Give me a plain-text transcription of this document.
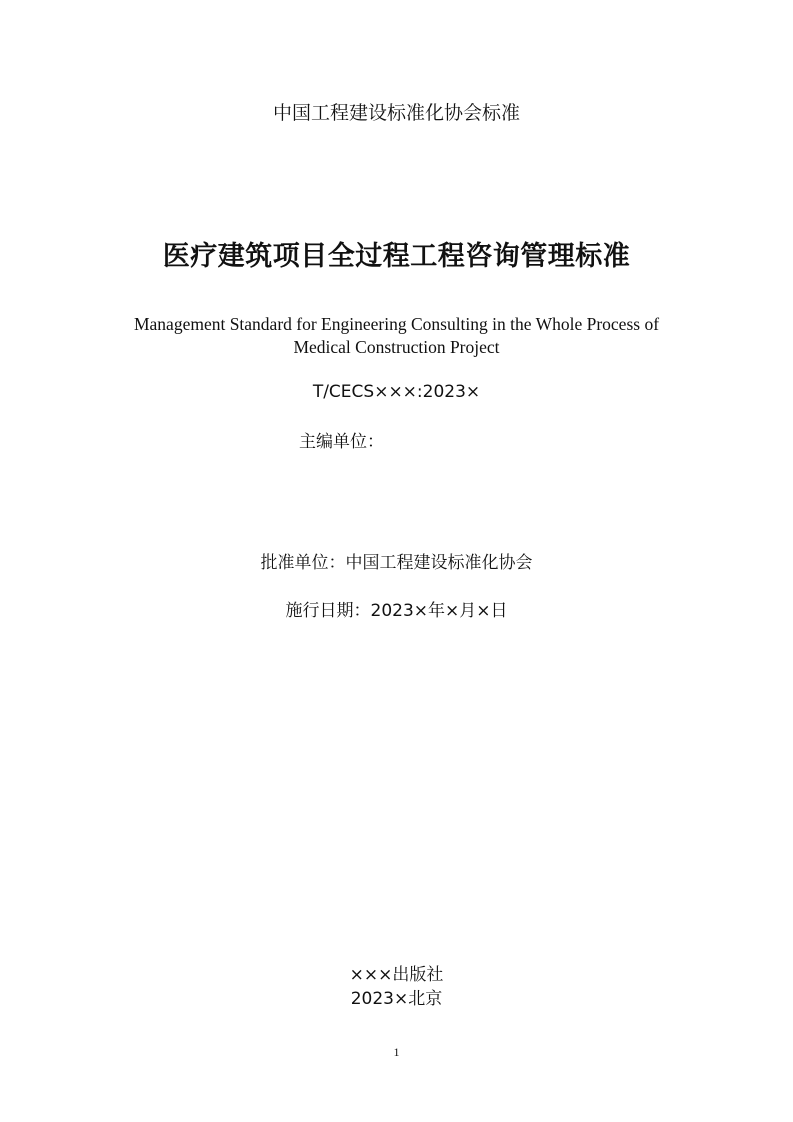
中国工程建设标准化协会标准
医疗建筑项目全过程工程咨询管理标准
Management Standard for Engineering Consulting in the Whole Process of
Medical Construction Project
T/CECS×××:2023×
主编单位：
批准单位：中国工程建设标准化协会
施行日期：2023×年×月×日
×××出版社
2023×北京
1
